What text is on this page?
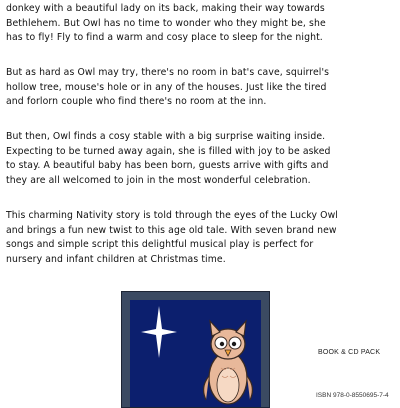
donkey with a beautiful lady on its back, making their way towards
Bethlehem. But Owl has no time to wonder who they might be, she
has to fly! Fly to find a warm and cosy place to sleep for the night.

But as hard as Owl may try, there's no room in bat's cave, squirrel's
hollow tree, mouse's hole or in any of the houses. Just like the tired
and forlorn couple who find there's no room at the inn.

But then, Owl finds a cosy stable with a big surprise waiting inside.
Expecting to be turned away again, she is filled with joy to be asked
to stay. A beautiful baby has been born, guests arrive with gifts and
they are all welcomed to join in the most wonderful celebration.

This charming Nativity story is told through the eyes of the Lucky Owl
and brings a fun new twist to this age old tale. With seven brand new
songs and simple script this delightful musical play is perfect for
nursery and infant children at Christmas time.

BOOK & CD PACK
ISBN 978-0-8550695-7-4
